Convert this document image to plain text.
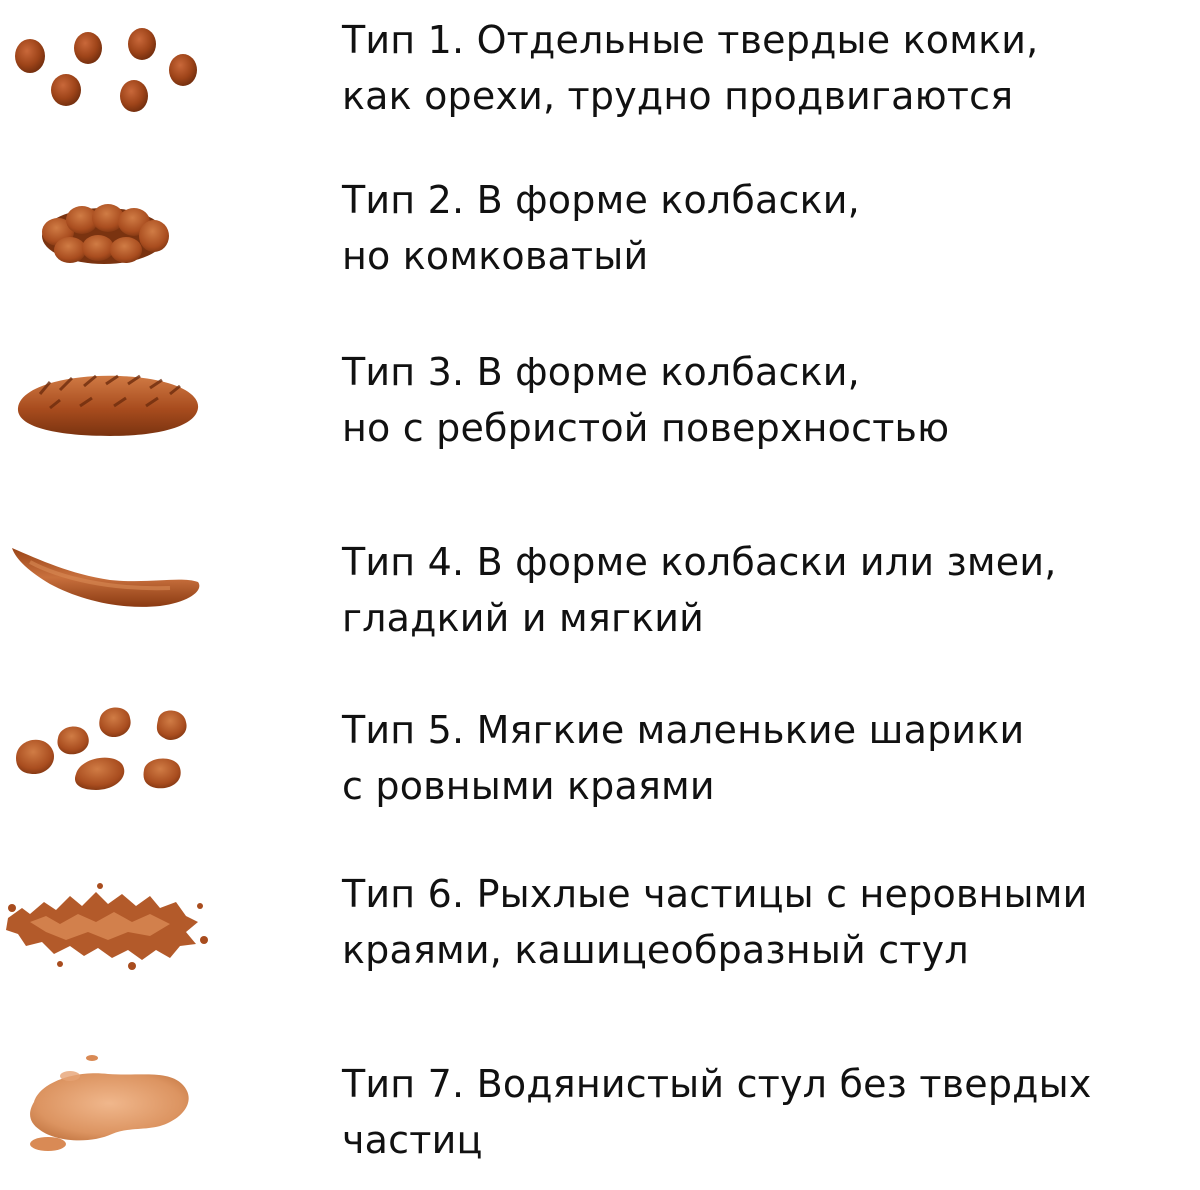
Тип 1. Отдельные твердые комки,
как орехи, трудно продвигаются
Тип 2. В форме колбаски,
но комковатый
Тип 3. В форме колбаски,
но с ребристой поверхностью
Тип 4. В форме колбаски или змеи,
гладкий и мягкий
Тип 5. Мягкие маленькие шарики
с ровными краями
Тип 6. Рыхлые частицы с неровными
краями, кашицеобразный стул
Тип 7. Водянистый стул без твердых
частиц
